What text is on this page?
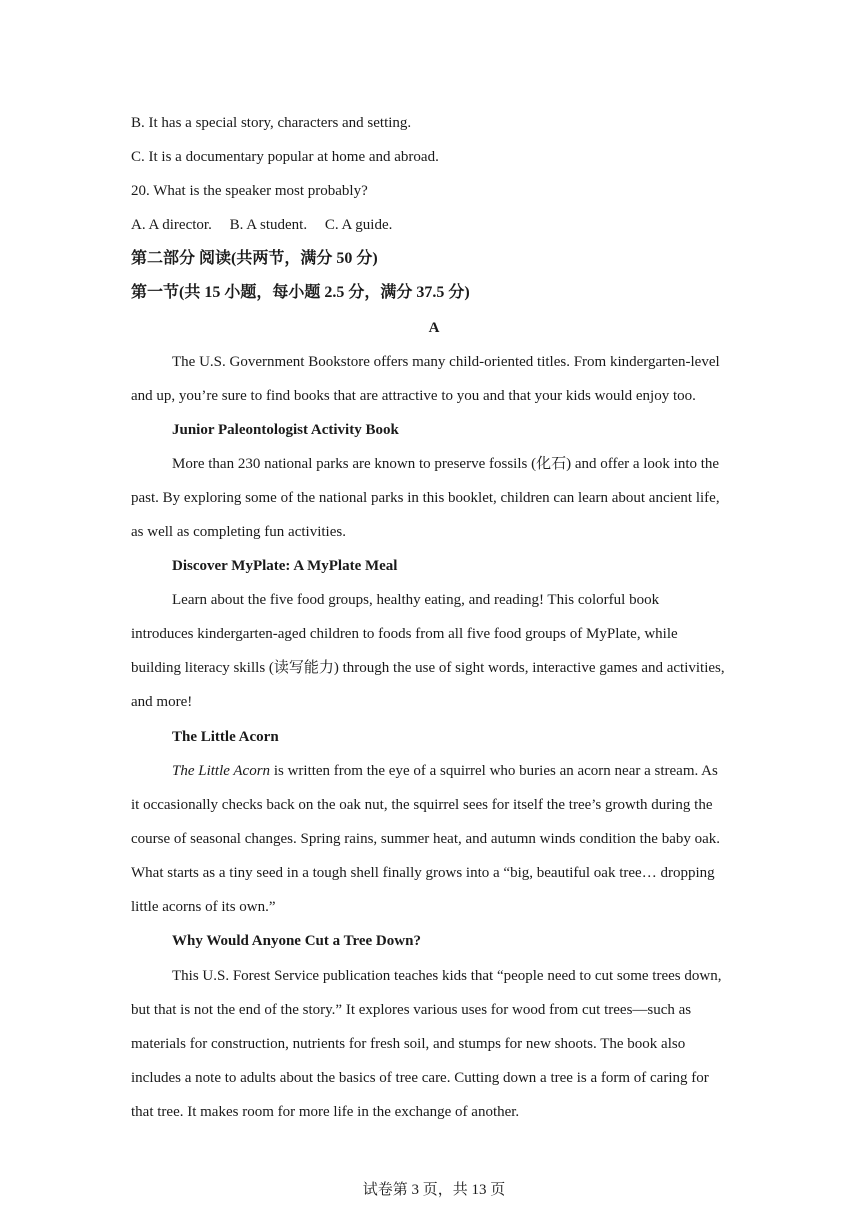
B. It has a special story, characters and setting.
C. It is a documentary popular at home and abroad.
20. What is the speaker most probably?
A. A director. B. A student. C. A guide.
第二部分 阅读(共两节，满分 50 分)
第一节(共 15 小题，每小题 2.5 分，满分 37.5 分)
A
The U.S. Government Bookstore offers many child-oriented titles. From kindergarten-level
and up, you’re sure to find books that are attractive to you and that your kids would enjoy too.
Junior Paleontologist Activity Book
More than 230 national parks are known to preserve fossils (化石) and offer a look into the
past. By exploring some of the national parks in this booklet, children can learn about ancient life,
as well as completing fun activities.
Discover MyPlate: A MyPlate Meal
Learn about the five food groups, healthy eating, and reading! This colorful book
introduces kindergarten-aged children to foods from all five food groups of MyPlate, while
building literacy skills (读写能力) through the use of sight words, interactive games and activities,
and more!
The Little Acorn
The Little Acorn is written from the eye of a squirrel who buries an acorn near a stream. As
it occasionally checks back on the oak nut, the squirrel sees for itself the tree’s growth during the
course of seasonal changes. Spring rains, summer heat, and autumn winds condition the baby oak.
What starts as a tiny seed in a tough shell finally grows into a “big, beautiful oak tree… dropping
little acorns of its own.”
Why Would Anyone Cut a Tree Down?
This U.S. Forest Service publication teaches kids that “people need to cut some trees down,
but that is not the end of the story.” It explores various uses for wood from cut trees—such as
materials for construction, nutrients for fresh soil, and stumps for new shoots. The book also
includes a note to adults about the basics of tree care. Cutting down a tree is a form of caring for
that tree. It makes room for more life in the exchange of another.
试卷第 3 页，共 13 页
